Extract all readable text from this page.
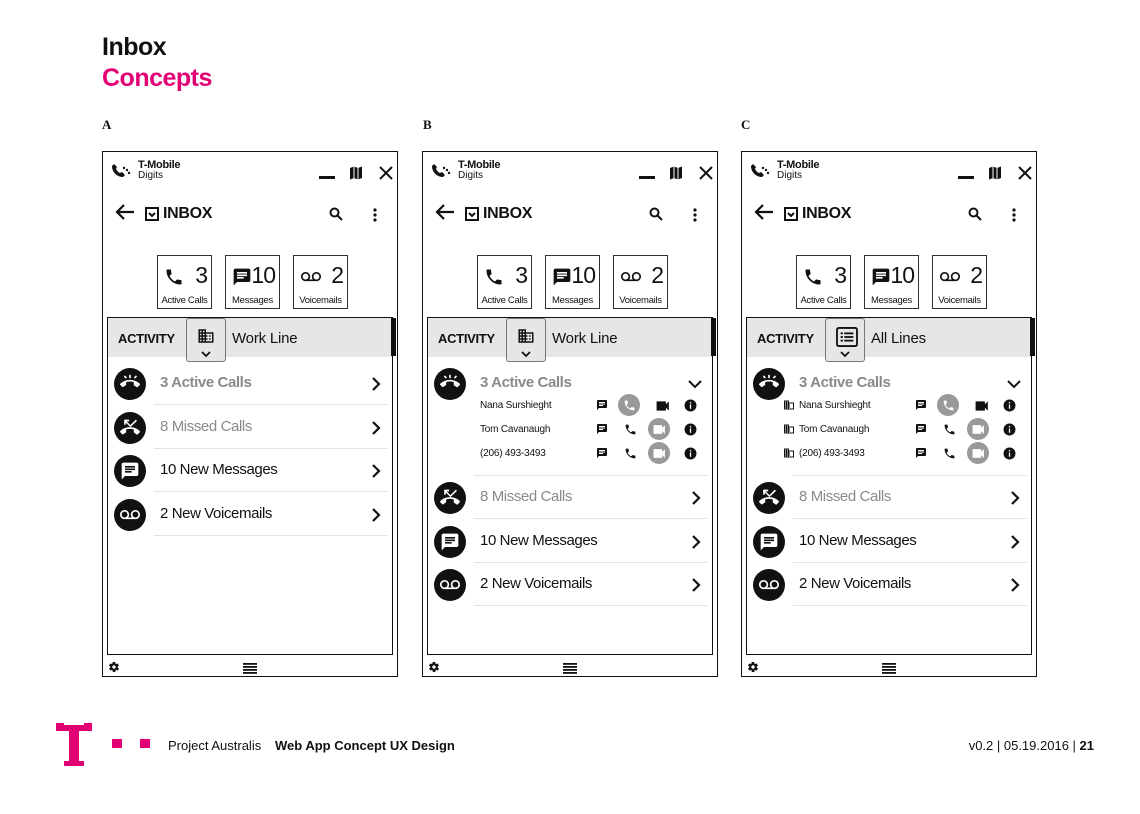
Inbox
Concepts
A
T-Mobile
Digits
INBOX
3
Active Calls
10
Messages
2
Voicemails
ACTIVITY	Work Line
3 Active Calls
8 Missed Calls
10 New Messages
2 New Voicemails
B
T-Mobile
Digits
INBOX
3
Active Calls
10
Messages
2
Voicemails
ACTIVITY	Work Line
3 Active Calls
Nana Surshieght
Tom Cavanaugh
(206) 493-3493
8 Missed Calls
10 New Messages
2 New Voicemails
C
T-Mobile
Digits
INBOX
3
Active Calls
10
Messages
2
Voicemails
ACTIVITY	All Lines
3 Active Calls
Nana Surshieght
Tom Cavanaugh
(206) 493-3493
8 Missed Calls
10 New Messages
2 New Voicemails
Project Australis Web App Concept UX Design	v0.2 | 05.19.2016 | 21
